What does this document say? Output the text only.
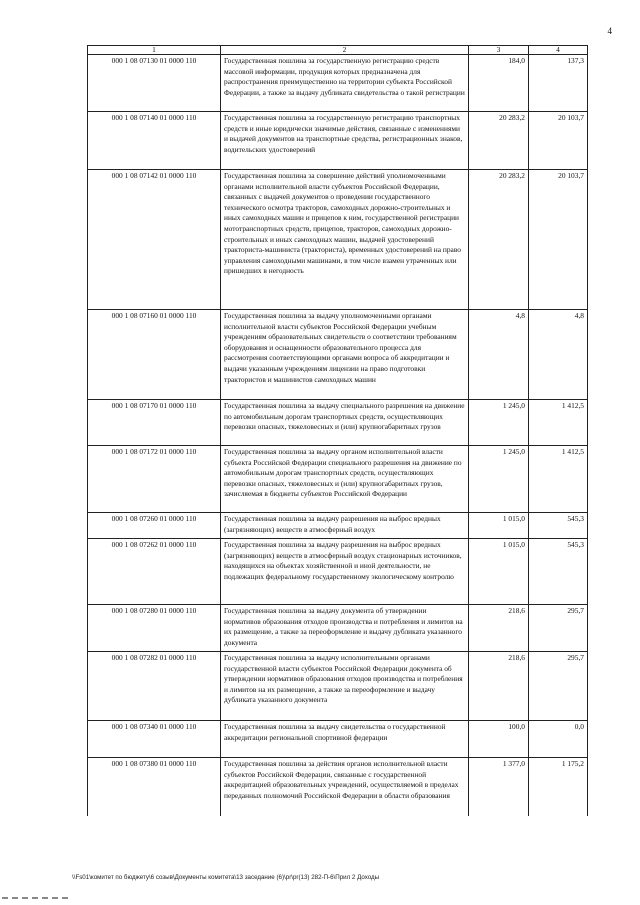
4
1	2	3	4
000 1 08 07130 01 0000 110	Государственная пошлина за государственную регистрацию средств массовой информации, продукция которых предназначена для распространения преимущественно на территории субъекта Российской Федерации, а также за выдачу дубликата свидетельства о такой регистрации	184,0	137,3
000 1 08 07140 01 0000 110	Государственная пошлина за государственную регистрацию транспортных средств и иные юридически значимые действия, связанные с изменениями и выдачей документов на транспортные средства, регистрационных знаков, водительских удостоверений	20 283,2	20 103,7
000 1 08 07142 01 0000 110	Государственная пошлина за совершение действий уполномоченными органами исполнительной власти субъектов Российской Федерации, связанных с выдачей документов о проведении государственного технического осмотра тракторов, самоходных дорожно-строительных и иных самоходных машин и прицепов к ним, государственной регистрации мототранспортных средств, прицепов, тракторов, самоходных дорожно-строительных и иных самоходных машин, выдачей удостоверений тракториста-машиниста (тракториста), временных удостоверений на право управления самоходными машинами, в том числе взамен утраченных или пришедших в негодность	20 283,2	20 103,7
000 1 08 07160 01 0000 110	Государственная пошлина за выдачу уполномоченными органами исполнительной власти субъектов Российской Федерации учебным учреждениям образовательных свидетельств о соответствии требованиям оборудования и оснащенности образовательного процесса для рассмотрения соответствующими органами вопроса об аккредитации и выдачи указанным учреждениям лицензии на право подготовки трактористов и машинистов самоходных машин	4,8	4,8
000 1 08 07170 01 0000 110	Государственная пошлина за выдачу специального разрешения на движение по автомобильным дорогам транспортных средств, осуществляющих перевозки опасных, тяжеловесных и (или) крупногабаритных грузов	1 245,0	1 412,5
000 1 08 07172 01 0000 110	Государственная пошлина за выдачу органом исполнительной власти субъекта Российской Федерации специального разрешения на движение по автомобильным дорогам транспортных средств, осуществляющих перевозки опасных, тяжеловесных и (или) крупногабаритных грузов, зачисляемая в бюджеты субъектов Российской Федерации	1 245,0	1 412,5
000 1 08 07260 01 0000 110	Государственная пошлина за выдачу разрешения на выброс вредных (загрязняющих) веществ в атмосферный воздух	1 015,0	545,3
000 1 08 07262 01 0000 110	Государственная пошлина за выдачу разрешения на выброс вредных (загрязняющих) веществ в атмосферный воздух стационарных источников, находящихся на объектах хозяйственной и иной деятельности, не подлежащих федеральному государственному экологическому контролю	1 015,0	545,3
000 1 08 07280 01 0000 110	Государственная пошлина за выдачу документа об утверждении нормативов образования отходов производства и потребления и лимитов на их размещение, а также за переоформление и выдачу дубликата указанного документа	218,6	295,7
000 1 08 07282 01 0000 110	Государственная пошлина за выдачу исполнительными органами государственной власти субъектов Российской Федерации документа об утверждении нормативов образования отходов производства и потребления и лимитов на их размещение, а также за переоформление и выдачу дубликата указанного документа	218,6	295,7
000 1 08 07340 01 0000 110	Государственная пошлина за выдачу свидетельства о государственной аккредитации региональной спортивной федерации	100,0	0,0
000 1 08 07380 01 0000 110	Государственная пошлина за действия органов исполнительной власти субъектов Российской Федерации, связанные с государственной аккредитацией образовательных учреждений, осуществляемой в пределах переданных полномочий Российской Федерации в области образования	1 377,0	1 175,2
\\Fs01\комитет по бюджету\6 созыв\Документы комитета\13 заседание (6)\pr\pr(13) 282-П-6\Прил 2 Доходы
